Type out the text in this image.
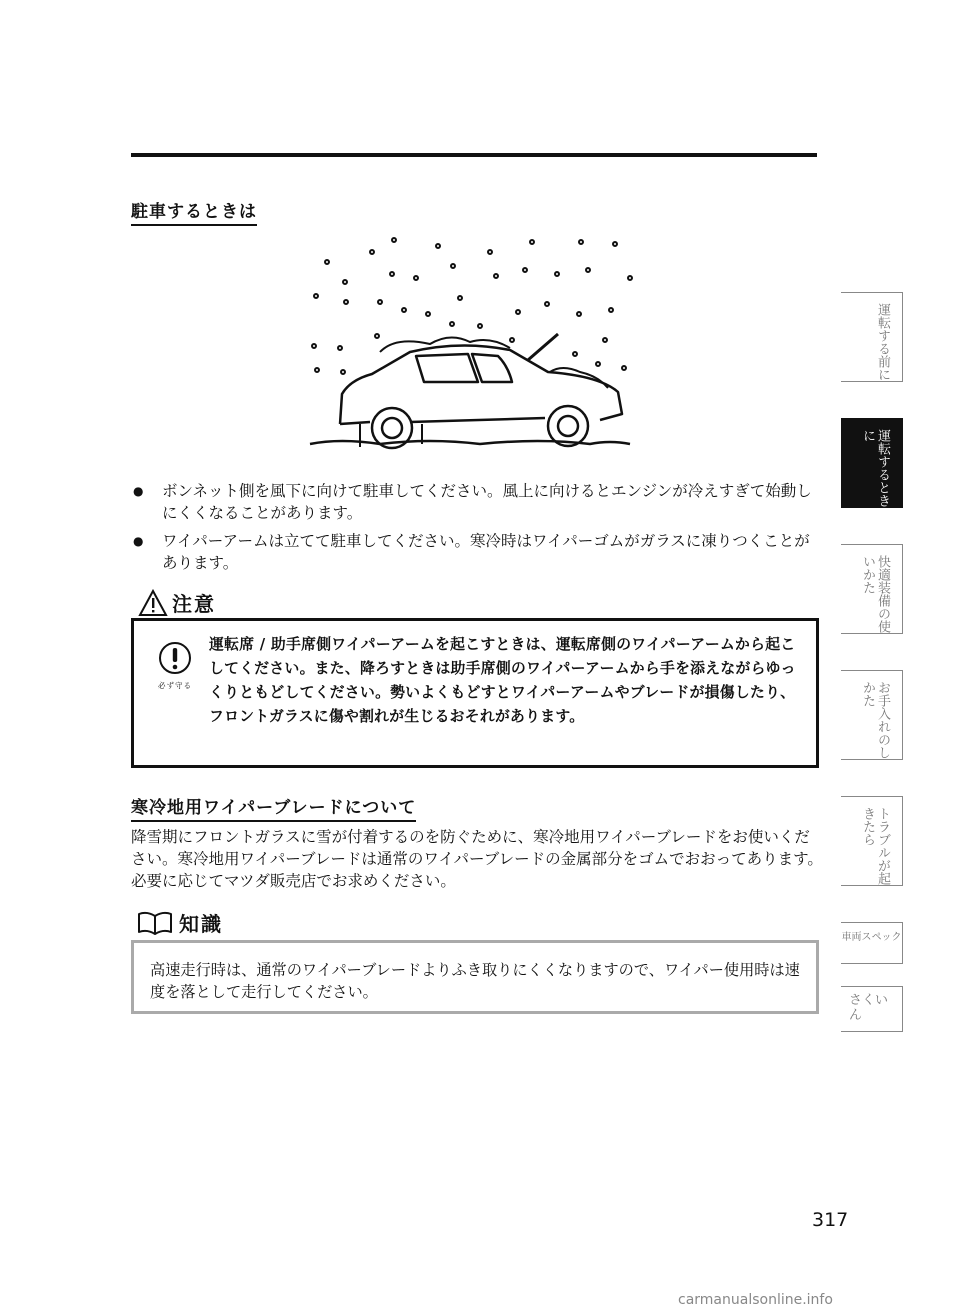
駐車するときは
● ボンネット側を風下に向けて駐車してください。風上に向けるとエンジンが冷えすぎて始動しにくくなることがあります。
● ワイパーアームは立てて駐車してください。寒冷時はワイパーゴムがガラスに凍りつくことがあります。
注意
必ず守る
運転席 / 助手席側ワイパーアームを起こすときは、運転席側のワイパーアームから起こしてください。また、降ろすときは助手席側のワイパーアームから手を添えながらゆっくりともどしてください。勢いよくもどすとワイパーアームやブレードが損傷したり、フロントガラスに傷や割れが生じるおそれがあります。
寒冷地用ワイパーブレードについて

降雪期にフロントガラスに雪が付着するのを防ぐために、寒冷地用ワイパーブレードをお使いください。寒冷地用ワイパーブレードは通常のワイパーブレードの金属部分をゴムでおおってあります。必要に応じてマツダ販売店でお求めください。

知識
高速走行時は、通常のワイパーブレードよりふき取りにくくなりますので、ワイパー使用時は速度を落として走行してください。
運転する前に
運転するときに
快適装備の使いかた
お手入れのしかた
トラブルが起きたら
車両スペック
さくいん
317
carmanualsonline.info
